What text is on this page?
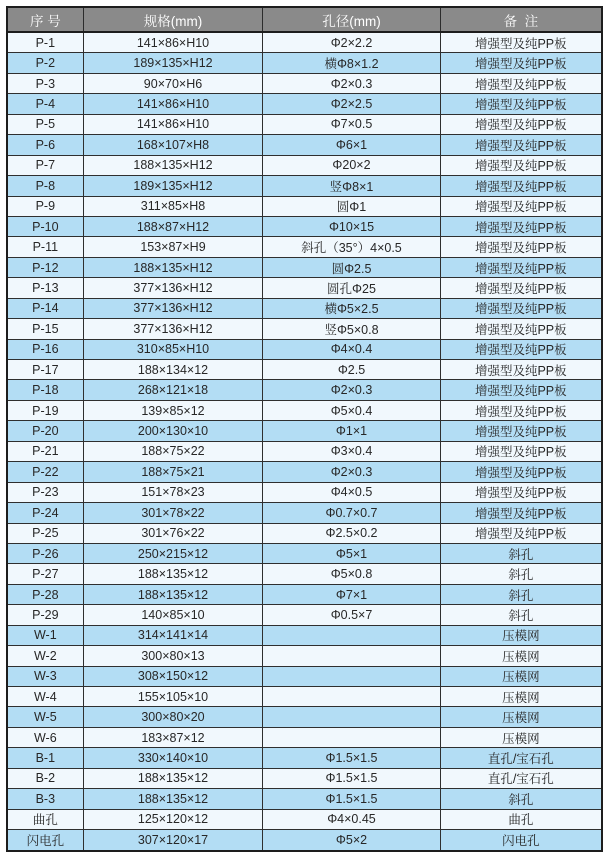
序 号	规格(mm)	孔径(mm)	备  注
P-1	141×86×H10	Φ2×2.2	增强型及纯PP板
P-2	189×135×H12	横Φ8×1.2	增强型及纯PP板
P-3	90×70×H6	Φ2×0.3	增强型及纯PP板
P-4	141×86×H10	Φ2×2.5	增强型及纯PP板
P-5	141×86×H10	Φ7×0.5	增强型及纯PP板
P-6	168×107×H8	Φ6×1	增强型及纯PP板
P-7	188×135×H12	Φ20×2	增强型及纯PP板
P-8	189×135×H12	竖Φ8×1	增强型及纯PP板
P-9	311×85×H8	圆Φ1	增强型及纯PP板
P-10	188×87×H12	Φ10×15	增强型及纯PP板
P-11	153×87×H9	斜孔（35°）4×0.5	增强型及纯PP板
P-12	188×135×H12	圆Φ2.5	增强型及纯PP板
P-13	377×136×H12	圆孔Φ25	增强型及纯PP板
P-14	377×136×H12	横Φ5×2.5	增强型及纯PP板
P-15	377×136×H12	竖Φ5×0.8	增强型及纯PP板
P-16	310×85×H10	Φ4×0.4	增强型及纯PP板
P-17	188×134×12	Φ2.5	增强型及纯PP板
P-18	268×121×18	Φ2×0.3	增强型及纯PP板
P-19	139×85×12	Φ5×0.4	增强型及纯PP板
P-20	200×130×10	Φ1×1	增强型及纯PP板
P-21	188×75×22	Φ3×0.4	增强型及纯PP板
P-22	188×75×21	Φ2×0.3	增强型及纯PP板
P-23	151×78×23	Φ4×0.5	增强型及纯PP板
P-24	301×78×22	Φ0.7×0.7	增强型及纯PP板
P-25	301×76×22	Φ2.5×0.2	增强型及纯PP板
P-26	250×215×12	Φ5×1	斜孔
P-27	188×135×12	Φ5×0.8	斜孔
P-28	188×135×12	Φ7×1	斜孔
P-29	140×85×10	Φ0.5×7	斜孔
W-1	314×141×14		压模网
W-2	300×80×13		压模网
W-3	308×150×12		压模网
W-4	155×105×10		压模网
W-5	300×80×20		压模网
W-6	183×87×12		压模网
B-1	330×140×10	Φ1.5×1.5	直孔/宝石孔
B-2	188×135×12	Φ1.5×1.5	直孔/宝石孔
B-3	188×135×12	Φ1.5×1.5	斜孔
曲孔	125×120×12	Φ4×0.45	曲孔
闪电孔	307×120×17	Φ5×2	闪电孔
